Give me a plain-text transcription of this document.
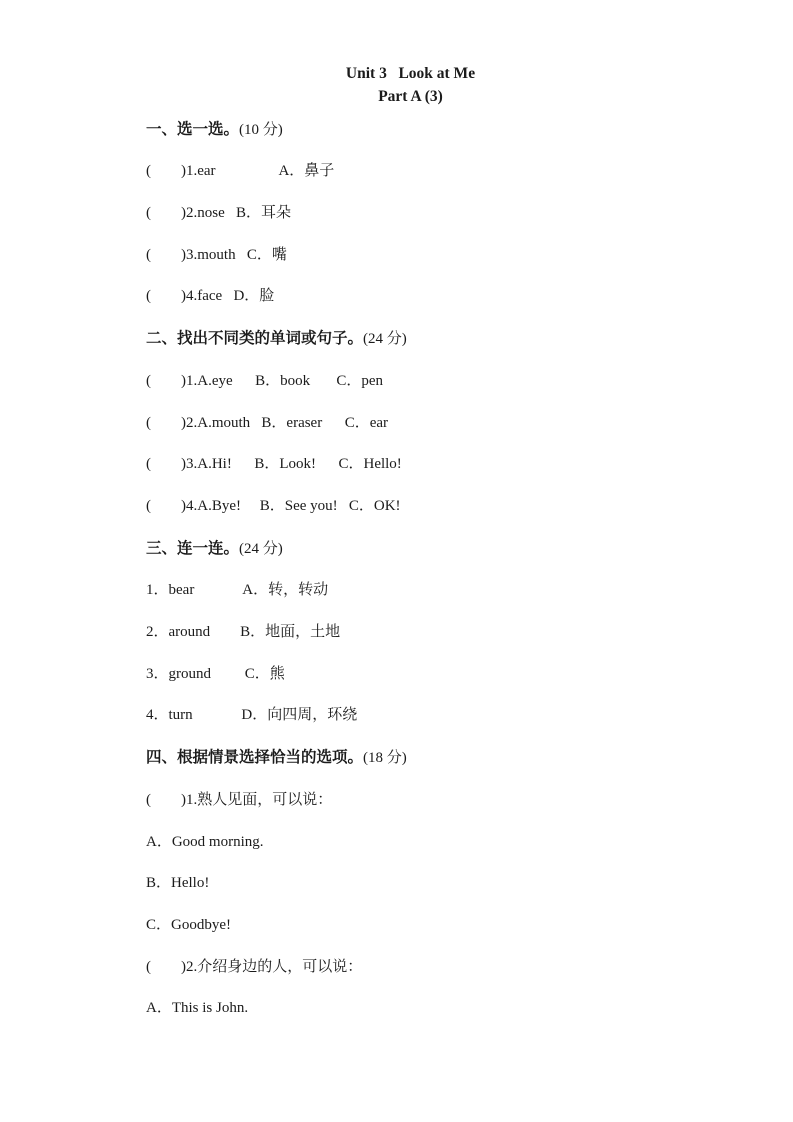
Unit 3   Look at Me
Part A (3)
一、选一选。(10 分)
(        )1.ear                 A．鼻子
(        )2.nose   B．耳朵
(        )3.mouth   C．嘴
(        )4.face   D．脸
二、找出不同类的单词或句子。(24 分)
(        )1.A.eye      B．book       C．pen
(        )2.A.mouth   B．eraser      C．ear
(        )3.A.Hi!      B．Look!      C．Hello!
(        )4.A.Bye!     B．See you!   C．OK!
三、连一连。(24 分)
1．bear             A．转，转动
2．around        B．地面，土地
3．ground         C．熊
4．turn             D．向四周，环绕
四、根据情景选择恰当的选项。(18 分)
(        )1.熟人见面，可以说：
A．Good morning.
B．Hello!
C．Goodbye!
(        )2.介绍身边的人，可以说：
A．This is John.
